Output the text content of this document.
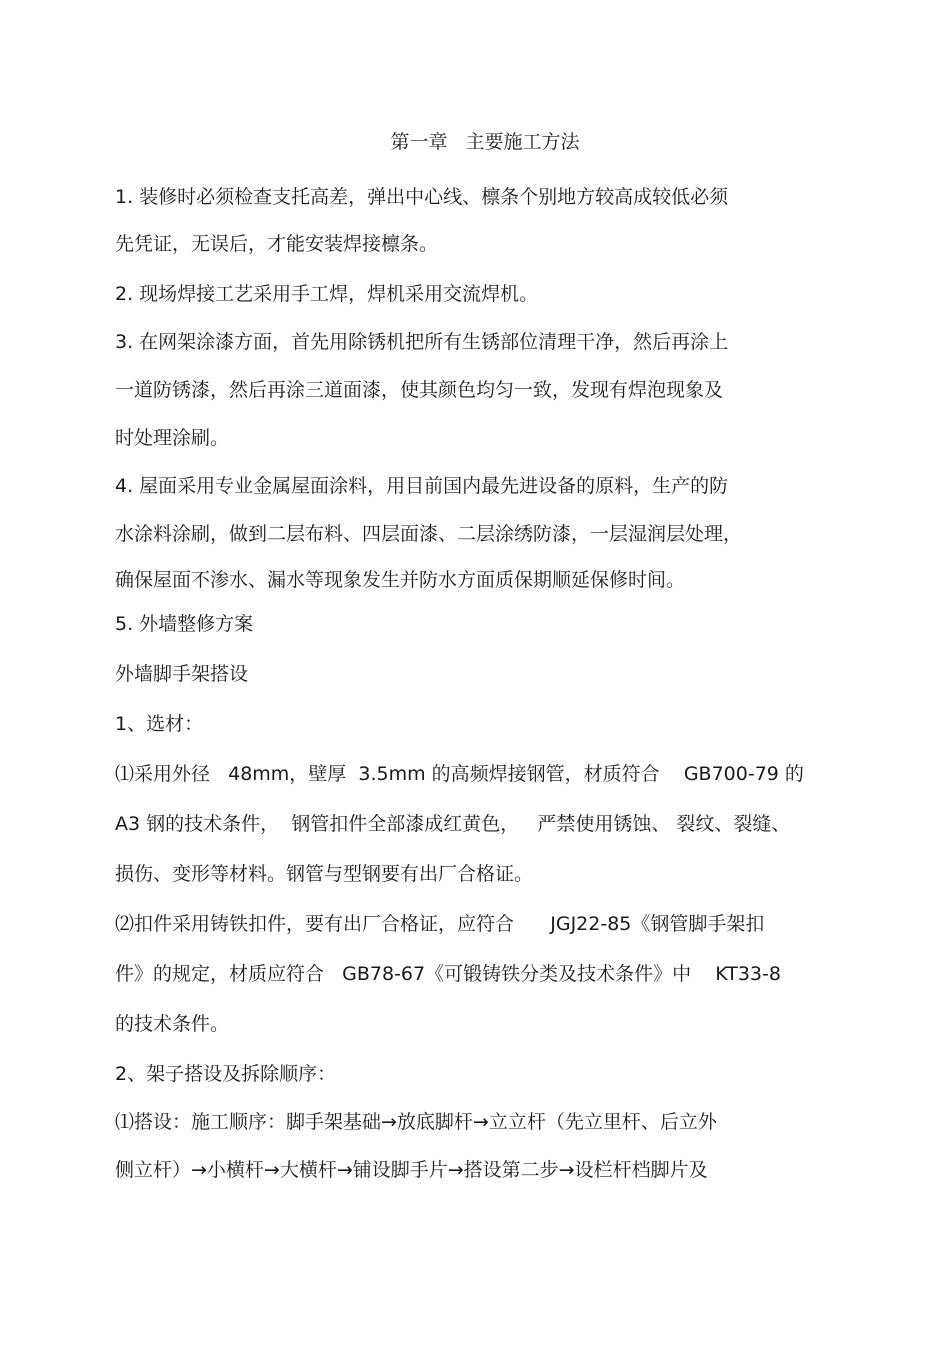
第一章   主要施工方法
1. 装修时必须检查支托高差，弹出中心线、檩条个别地方较高成较低必须
先凭证，无误后，才能安装焊接檩条。
2. 现场焊接工艺采用手工焊，焊机采用交流焊机。
3. 在网架涂漆方面，首先用除锈机把所有生锈部位清理干净，然后再涂上
一道防锈漆，然后再涂三道面漆，使其颜色均匀一致，发现有焊泡现象及
时处理涂刷。
4. 屋面采用专业金属屋面涂料，用目前国内最先进设备的原料，生产的防
水涂料涂刷，做到二层布料、四层面漆、二层涂绣防漆，一层湿润层处理，
确保屋面不渗水、漏水等现象发生并防水方面质保期顺延保修时间。
5. 外墙整修方案
外墙脚手架搭设
1、选材：
⑴采用外径   48mm，壁厚  3.5mm 的高频焊接钢管，材质符合    GB700-79 的
A3 钢的技术条件，  钢管扣件全部漆成红黄色，   严禁使用锈蚀、 裂纹、裂缝、
损伤、变形等材料。钢管与型钢要有出厂合格证。
⑵扣件采用铸铁扣件，要有出厂合格证，应符合      JGJ22-85《钢管脚手架扣
件》的规定，材质应符合   GB78-67《可锻铸铁分类及技术条件》中    KT33-8
的技术条件。
2、架子搭设及拆除顺序：
⑴搭设：施工顺序：脚手架基础→放底脚杆→立立杆（先立里杆、后立外
侧立杆）→小横杆→大横杆→铺设脚手片→搭设第二步→设栏杆档脚片及
